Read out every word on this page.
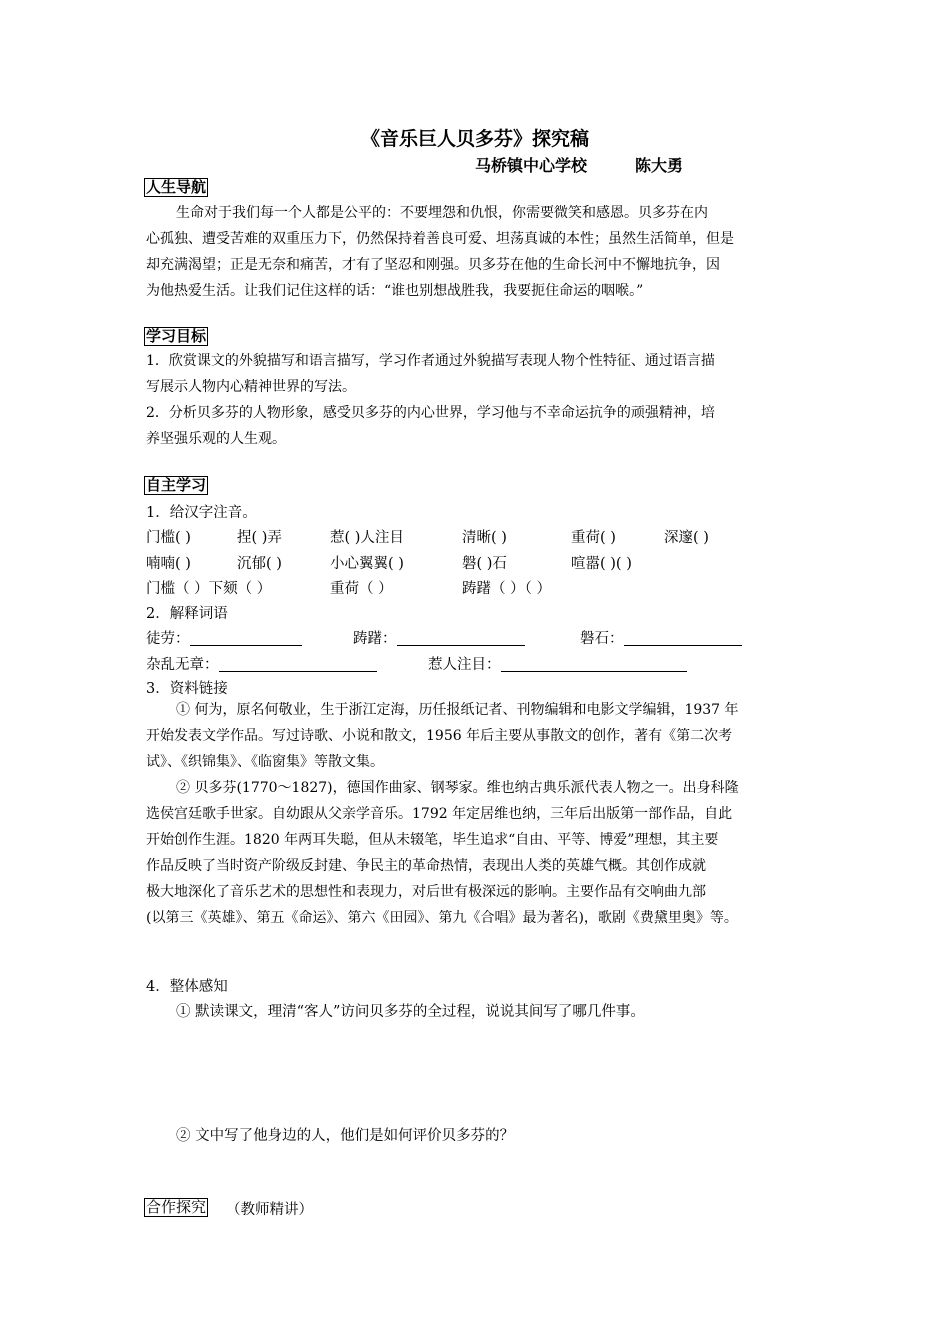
《音乐巨人贝多芬》探究稿
马桥镇中心学校	陈大勇
人生导航

生命对于我们每一个人都是公平的：不要埋怨和仇恨，你需要微笑和感恩。贝多芬在内

心孤独、遭受苦难的双重压力下，仍然保持着善良可爱、坦荡真诚的本性；虽然生活简单，但是

却充满渴望；正是无奈和痛苦，才有了坚忍和刚强。贝多芬在他的生命长河中不懈地抗争，因

为他热爱生活。让我们记住这样的话：“谁也别想战胜我，我要扼住命运的咽喉。”

学习目标

1．欣赏课文的外貌描写和语言描写，学习作者通过外貌描写表现人物个性特征、通过语言描

写展示人物内心精神世界的写法。

2．分析贝多芬的人物形象，感受贝多芬的内心世界，学习他与不幸命运抗争的顽强精神，培

养坚强乐观的人生观。

自主学习
1．给汉字注音。
门槛( )	捏( )弄	惹( )人注目	清晰( )	重荷( )	深邃( )
喃喃( )	沉郁( )	小心翼翼( )	磐( )石	喧嚣( )( )
门槛（ ）下颏（ ）	重荷（ ）	踌躇（ ）（ ）
2．解释词语
徒劳：	踌躇：	磐石：
杂乱无章：	惹人注目：
3．资料链接

① 何为，原名何敬业，生于浙江定海，历任报纸记者、刊物编辑和电影文学编辑，1937 年

开始发表文学作品。写过诗歌、小说和散文，1956 年后主要从事散文的创作，著有《第二次考

试》、《织锦集》、《临窗集》等散文集。

② 贝多芬(1770～1827)，德国作曲家、钢琴家。维也纳古典乐派代表人物之一。出身科隆

选侯宫廷歌手世家。自幼跟从父亲学音乐。1792 年定居维也纳，三年后出版第一部作品，自此

开始创作生涯。1820 年两耳失聪，但从未辍笔，毕生追求“自由、平等、博爱”理想，其主要

作品反映了当时资产阶级反封建、争民主的革命热情，表现出人类的英雄气概。其创作成就

极大地深化了音乐艺术的思想性和表现力，对后世有极深远的影响。主要作品有交响曲九部

(以第三《英雄》、第五《命运》、第六《田园》、第九《合唱》最为著名)，歌剧《费黛里奥》等。

4．整体感知
① 默读课文，理清“客人”访问贝多芬的全过程，说说其间写了哪几件事。
② 文中写了他身边的人，他们是如何评价贝多芬的？
合作探究 （教师精讲）
